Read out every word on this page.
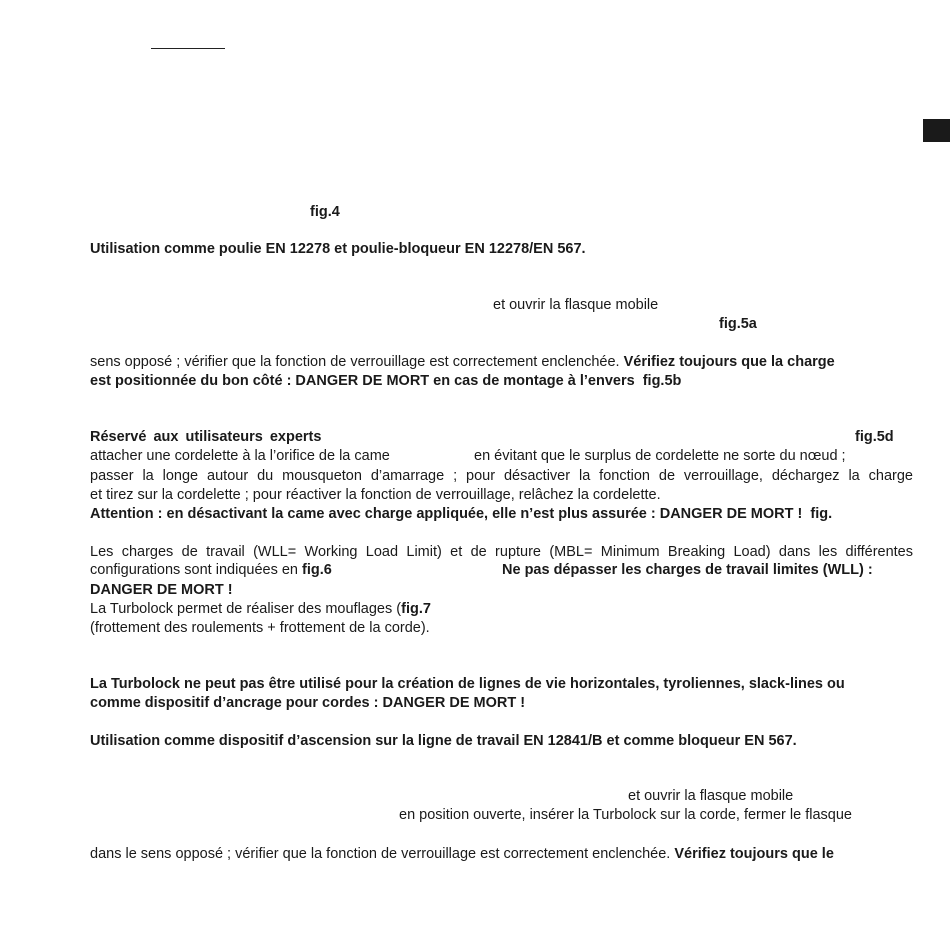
fig.4
Utilisation comme poulie EN 12278 et poulie-bloqueur EN 12278/EN 567.
et ouvrir la flasque mobile
fig.5a
sens opposé ; vérifier que la fonction de verrouillage est correctement enclenchée. Vérifiez toujours que la charge
est positionnée du bon côté : DANGER DE MORT en cas de montage à l’envers fig.5b
Réservé aux utilisateurs experts	fig.5d
attacher une cordelette à la l’orifice de la came	en évitant que le surplus de cordelette ne sorte du nœud ;
passer la longe autour du mousqueton d’amarrage ; pour désactiver la fonction de verrouillage, déchargez la charge
et tirez sur la cordelette ; pour réactiver la fonction de verrouillage, relâchez la cordelette.
Attention : en désactivant la came avec charge appliquée, elle n’est plus assurée : DANGER DE MORT ! fig.
Les charges de travail (WLL= Working Load Limit) et de rupture (MBL= Minimum Breaking Load) dans les différentes
configurations sont indiquées en fig.6	Ne pas dépasser les charges de travail limites (WLL) :
DANGER DE MORT !
La Turbolock permet de réaliser des mouflages (fig.7
(frottement des roulements + frottement de la corde).
La Turbolock ne peut pas être utilisé pour la création de lignes de vie horizontales, tyroliennes, slack-lines ou
comme dispositif d’ancrage pour cordes : DANGER DE MORT !
Utilisation comme dispositif d’ascension sur la ligne de travail EN 12841/B et comme bloqueur EN 567.
et ouvrir la flasque mobile
en position ouverte, insérer la Turbolock sur la corde, fermer le flasque
dans le sens opposé ; vérifier que la fonction de verrouillage est correctement enclenchée. Vérifiez toujours que le
